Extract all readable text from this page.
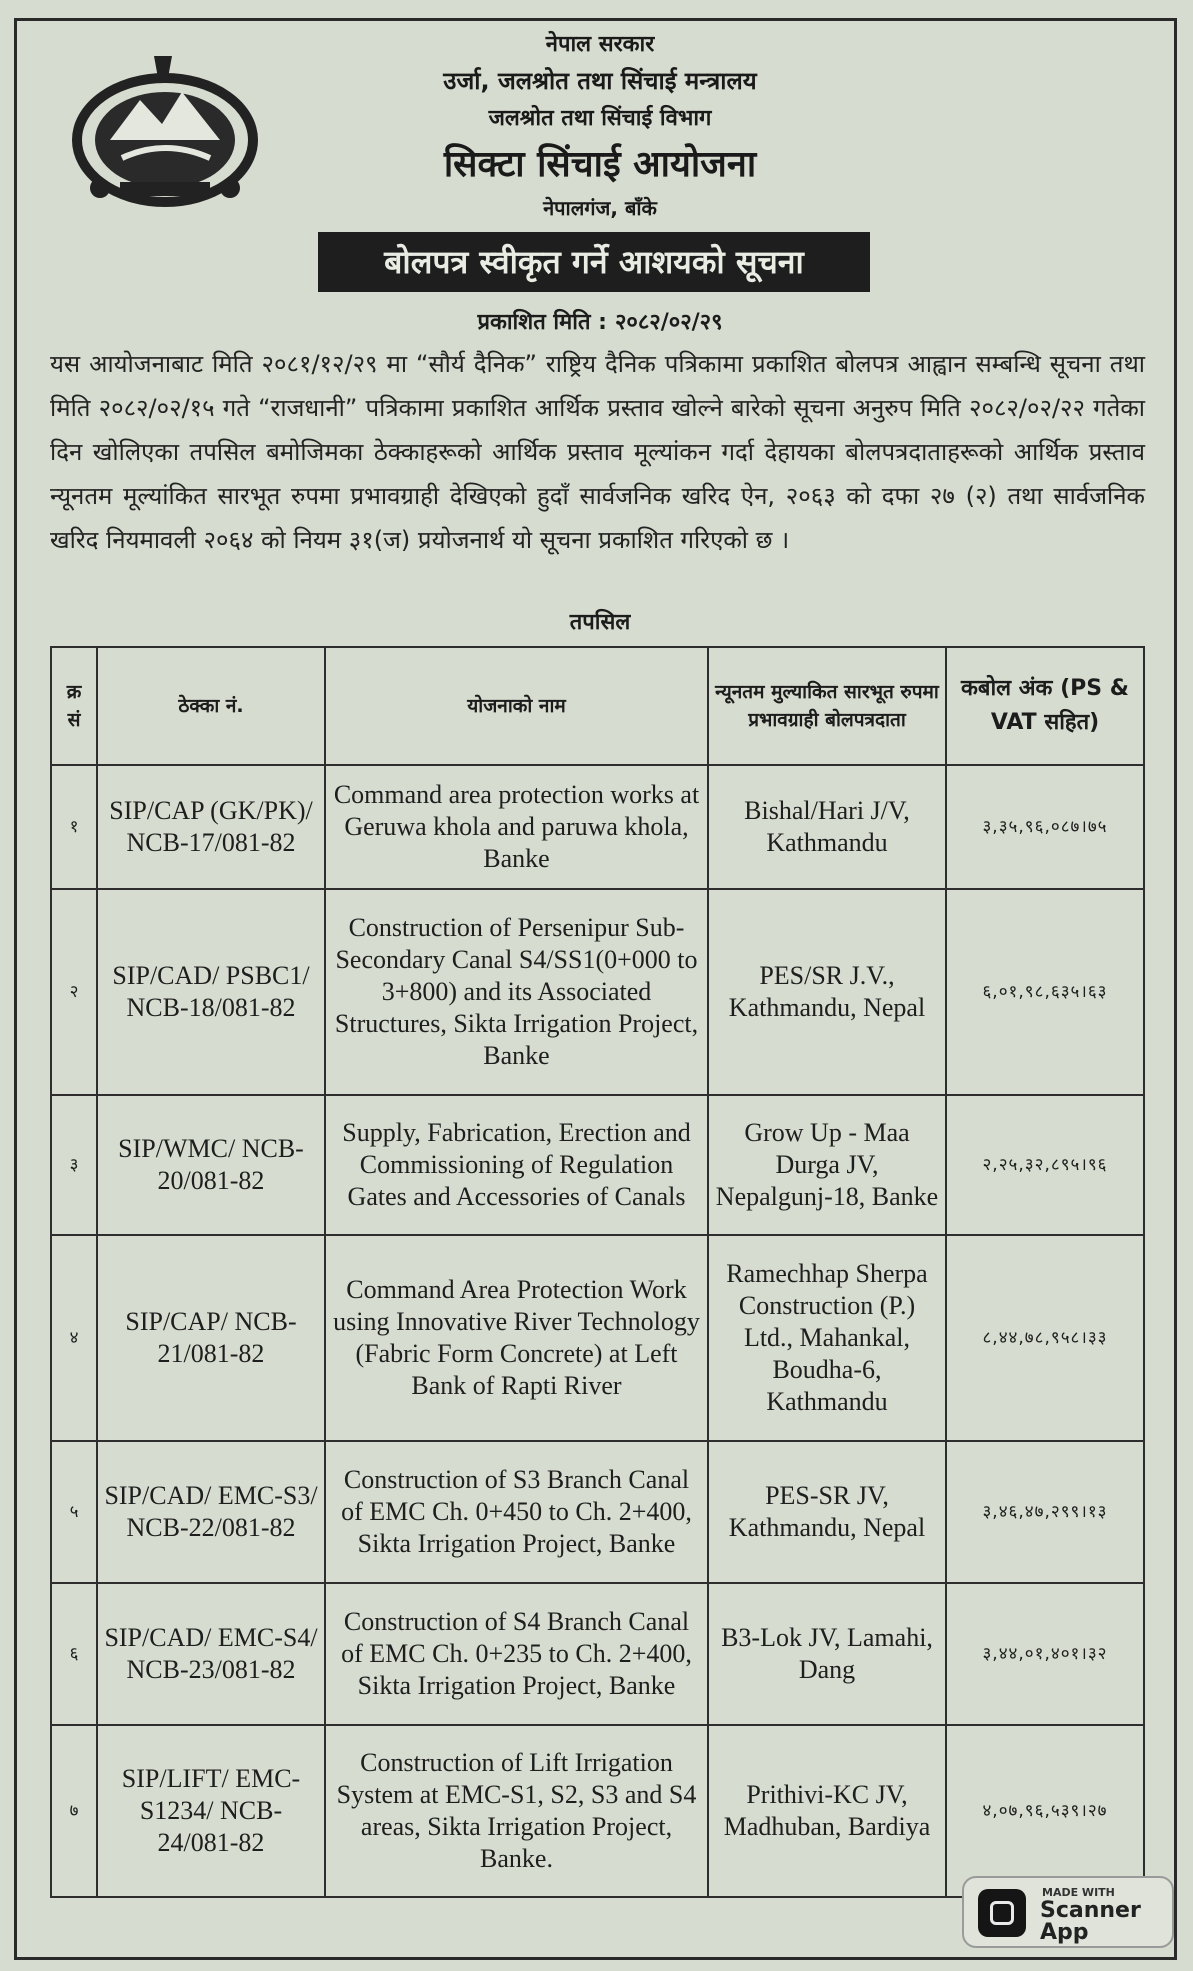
नेपाल सरकार
उर्जा, जलश्रोत तथा सिंचाई मन्त्रालय
जलश्रोत तथा सिंचाई विभाग
सिक्टा सिंचाई आयोजना
नेपालगंज, बाँके
बोलपत्र स्वीकृत गर्ने आशयको सूचना
प्रकाशित मिति : २०८२/०२/२९
यस आयोजनाबाट मिति २०८१/१२/२९ मा “सौर्य दैनिक” राष्ट्रिय दैनिक पत्रिकामा प्रकाशित बोलपत्र आह्वान सम्बन्धि सूचना तथा मिति २०८२/०२/१५ गते “राजधानी” पत्रिकामा प्रकाशित आर्थिक प्रस्ताव खोल्ने बारेको सूचना अनुरुप मिति २०८२/०२/२२ गतेका दिन खोलिएका तपसिल बमोजिमका ठेक्काहरूको आर्थिक प्रस्ताव मूल्यांकन गर्दा देहायका बोलपत्रदाताहरूको आर्थिक प्रस्ताव न्यूनतम मूल्यांकित सारभूत रुपमा प्रभावग्राही देखिएको हुदाँ सार्वजनिक खरिद ऐन, २०६३ को दफा २७ (२) तथा सार्वजनिक खरिद नियमावली २०६४ को नियम ३१(ज) प्रयोजनार्थ यो सूचना प्रकाशित गरिएको छ ।
तपसिल
क्र सं	ठेक्का नं.	योजनाको नाम	न्यूनतम मुल्याकित सारभूत रुपमा प्रभावग्राही बोलपत्रदाता	कबोल अंक (PS & VAT सहित)
१	SIP/CAP (GK/PK)/ NCB-17/081-82	Command area protection works at Geruwa khola and paruwa khola, Banke	Bishal/Hari J/V, Kathmandu	३,३५,९६,०८७।७५
२	SIP/CAD/ PSBC1/ NCB-18/081-82	Construction of Persenipur Sub-Secondary Canal S4/SS1(0+000 to 3+800) and its Associated Structures, Sikta Irrigation Project, Banke	PES/SR J.V., Kathmandu, Nepal	६,०१,९८,६३५।६३
३	SIP/WMC/ NCB-20/081-82	Supply, Fabrication, Erection and Commissioning of Regulation Gates and Accessories of Canals	Grow Up - Maa Durga JV, Nepalgunj-18, Banke	२,२५,३२,८९५।९६
४	SIP/CAP/ NCB-21/081-82	Command Area Protection Work using Innovative River Technology (Fabric Form Concrete) at Left Bank of Rapti River	Ramechhap Sherpa Construction (P.) Ltd., Mahankal, Boudha-6, Kathmandu	८,४४,७८,९५८।३३
५	SIP/CAD/ EMC-S3/ NCB-22/081-82	Construction of S3 Branch Canal of EMC Ch. 0+450 to Ch. 2+400, Sikta Irrigation Project, Banke	PES-SR JV, Kathmandu, Nepal	३,४६,४७,२९९।१३
६	SIP/CAD/ EMC-S4/ NCB-23/081-82	Construction of S4 Branch Canal of EMC Ch. 0+235 to Ch. 2+400, Sikta Irrigation Project, Banke	B3-Lok JV, Lamahi, Dang	३,४४,०१,४०१।३२
७	SIP/LIFT/ EMC-S1234/ NCB-24/081-82	Construction of Lift Irrigation System at EMC-S1, S2, S3 and S4 areas, Sikta Irrigation Project, Banke.	Prithivi-KC JV, Madhuban, Bardiya	४,०७,९६,५३९।२७
MADE WITH
Scanner App
